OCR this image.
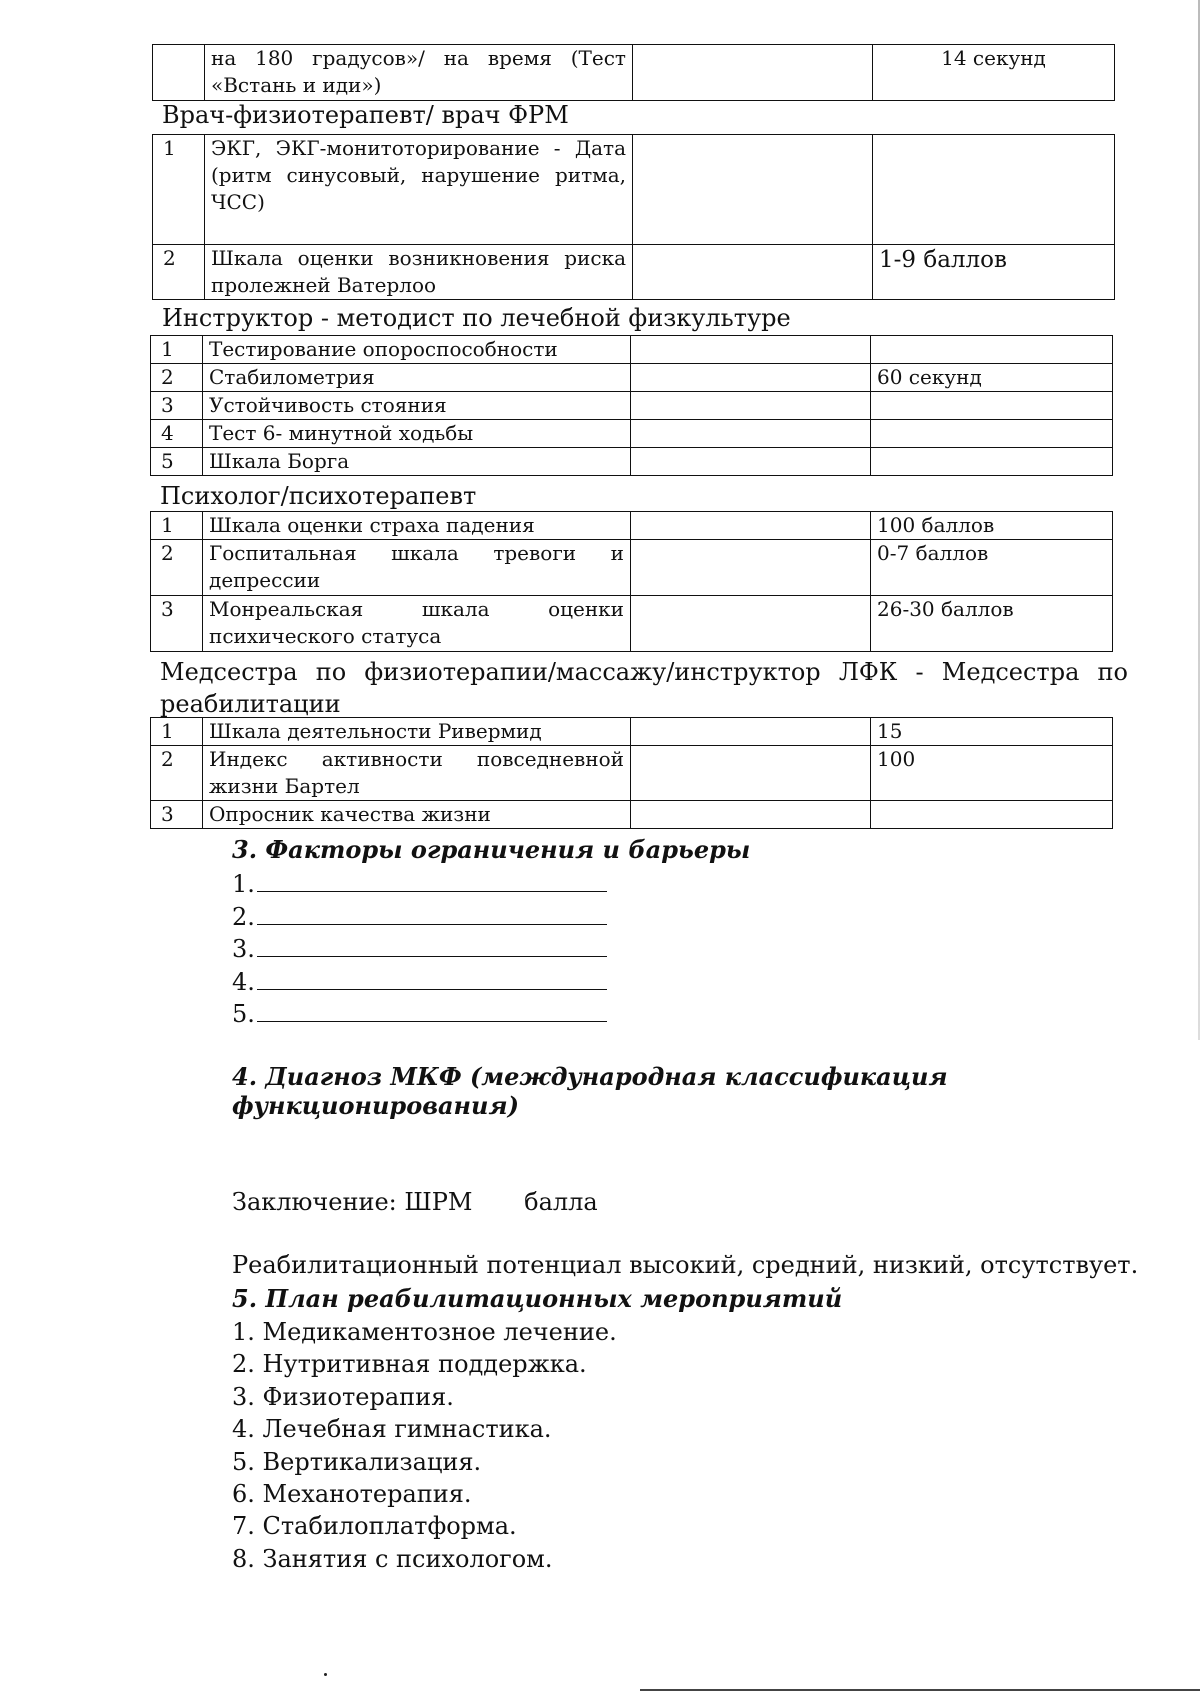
	на 180 градусов»/ на время (Тест
«Встань и иди»)
		14 секунд
Врач-физиотерапевт/ врач ФРМ
1	ЭКГ, ЭКГ-монитоторирование - Дата (ритм синусовый, нарушение ритма,
ЧСС)		

2	Шкала оценки возникновения риска
пролежней Ватерлоо		1-9 баллов
Инструктор - методист по лечебной физкультуре
1	Тестирование опороспособности		
2	Стабилометрия		60 секунд
3	Устойчивость стояния		
4	Тест 6- минутной ходьбы		
5	Шкала Борга		
Психолог/психотерапевт
1	Шкала оценки страха падения		100 баллов
2	Госпитальная шкала тревоги и
депрессии		0-7 баллов
3	Монреальская шкала оценки
психического статуса		26-30 баллов
Медсестра по физиотерапии/массажу/инструктор ЛФК - Медсестра по
реабилитации
1	Шкала деятельности Ривермид		15
2	Индекс активности повседневной
жизни Бартел		100
3	Опросник качества жизни		
3. Факторы ограничения и барьеры
1.
2.
3.
4.
5.
4. Диагноз МКФ (международная классификация функционирования)
Заключение: ШРМ балла
Реабилитационный потенциал высокий, средний, низкий, отсутствует.
5. План реабилитационных мероприятий
1. Медикаментозное лечение.
2. Нутритивная поддержка.
3. Физиотерапия.
4. Лечебная гимнастика.
5. Вертикализация.
6. Механотерапия.
7. Стабилоплатформа.
8. Занятия с психологом.
